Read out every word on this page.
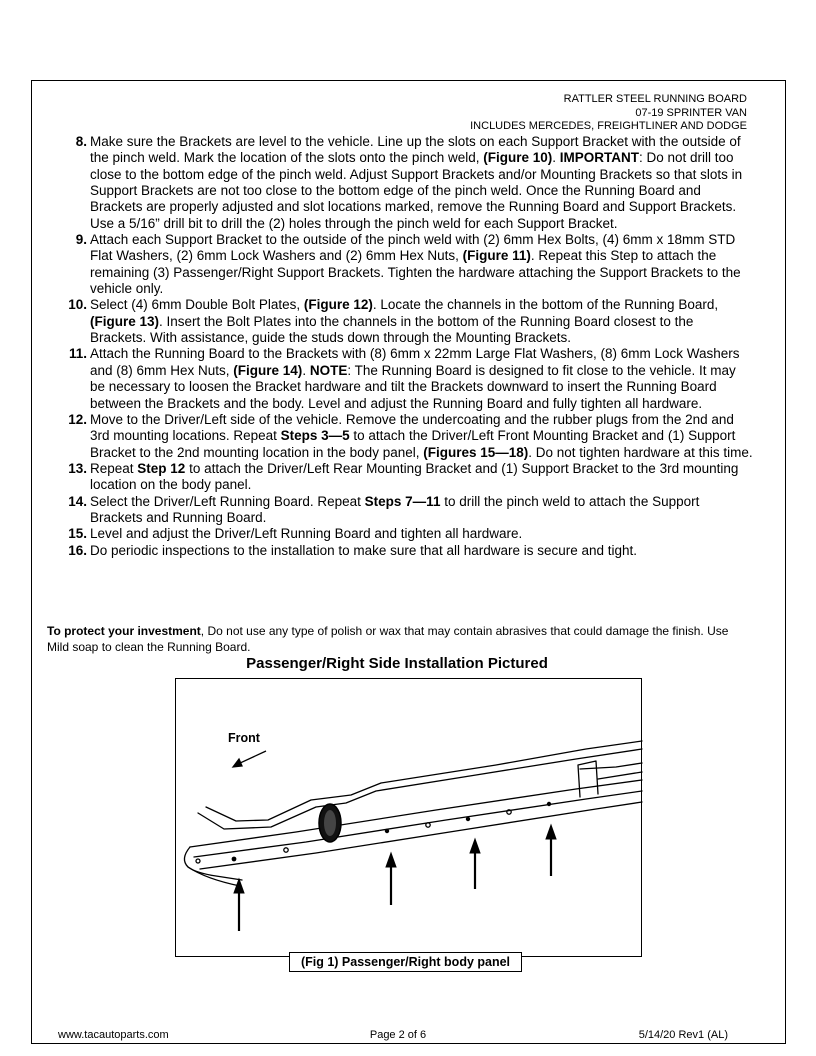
RATTLER STEEL RUNNING BOARD
07-19 SPRINTER VAN
INCLUDES MERCEDES, FREIGHTLINER AND DODGE
8. Make sure the Brackets are level to the vehicle. Line up the slots on each Support Bracket with the outside of the pinch weld. Mark the location of the slots onto the pinch weld, (Figure 10). IMPORTANT: Do not drill too close to the bottom edge of the pinch weld. Adjust Support Brackets and/or Mounting Brackets so that slots in Support Brackets are not too close to the bottom edge of the pinch weld. Once the Running Board and Brackets are properly adjusted and slot locations marked, remove the Running Board and Support Brackets. Use a 5/16” drill bit to drill the (2) holes through the pinch weld for each Support Bracket.
9. Attach each Support Bracket to the outside of the pinch weld with (2) 6mm Hex Bolts, (4) 6mm x 18mm STD Flat Washers, (2) 6mm Lock Washers and (2) 6mm Hex Nuts, (Figure 11). Repeat this Step to attach the remaining (3) Passenger/Right Support Brackets. Tighten the hardware attaching the Support Brackets to the vehicle only.
10. Select (4) 6mm Double Bolt Plates, (Figure 12). Locate the channels in the bottom of the Running Board, (Figure 13). Insert the Bolt Plates into the channels in the bottom of the Running Board closest to the Brackets. With assistance, guide the studs down through the Mounting Brackets.
11. Attach the Running Board to the Brackets with (8) 6mm x 22mm Large Flat Washers, (8) 6mm Lock Washers and (8) 6mm Hex Nuts, (Figure 14). NOTE: The Running Board is designed to fit close to the vehicle. It may be necessary to loosen the Bracket hardware and tilt the Brackets downward to insert the Running Board between the Brackets and the body. Level and adjust the Running Board and fully tighten all hardware.
12. Move to the Driver/Left side of the vehicle. Remove the undercoating and the rubber plugs from the 2nd and 3rd mounting locations. Repeat Steps 3—5 to attach the Driver/Left Front Mounting Bracket and (1) Support Bracket to the 2nd mounting location in the body panel, (Figures 15—18). Do not tighten hardware at this time.
13. Repeat Step 12 to attach the Driver/Left Rear Mounting Bracket and (1) Support Bracket to the 3rd mounting location on the body panel.
14. Select the Driver/Left Running Board. Repeat Steps 7—11 to drill the pinch weld to attach the Support Brackets and Running Board.
15. Level and adjust the Driver/Left Running Board and tighten all hardware.
16. Do periodic inspections to the installation to make sure that all hardware is secure and tight.
To protect your investment, Do not use any type of polish or wax that may contain abrasives that could damage the finish. Use Mild soap to clean the Running Board.
Passenger/Right Side Installation Pictured
Front
(Fig 1) Passenger/Right body panel
www.tacautoparts.com	Page 2 of 6	5/14/20 Rev1 (AL)
